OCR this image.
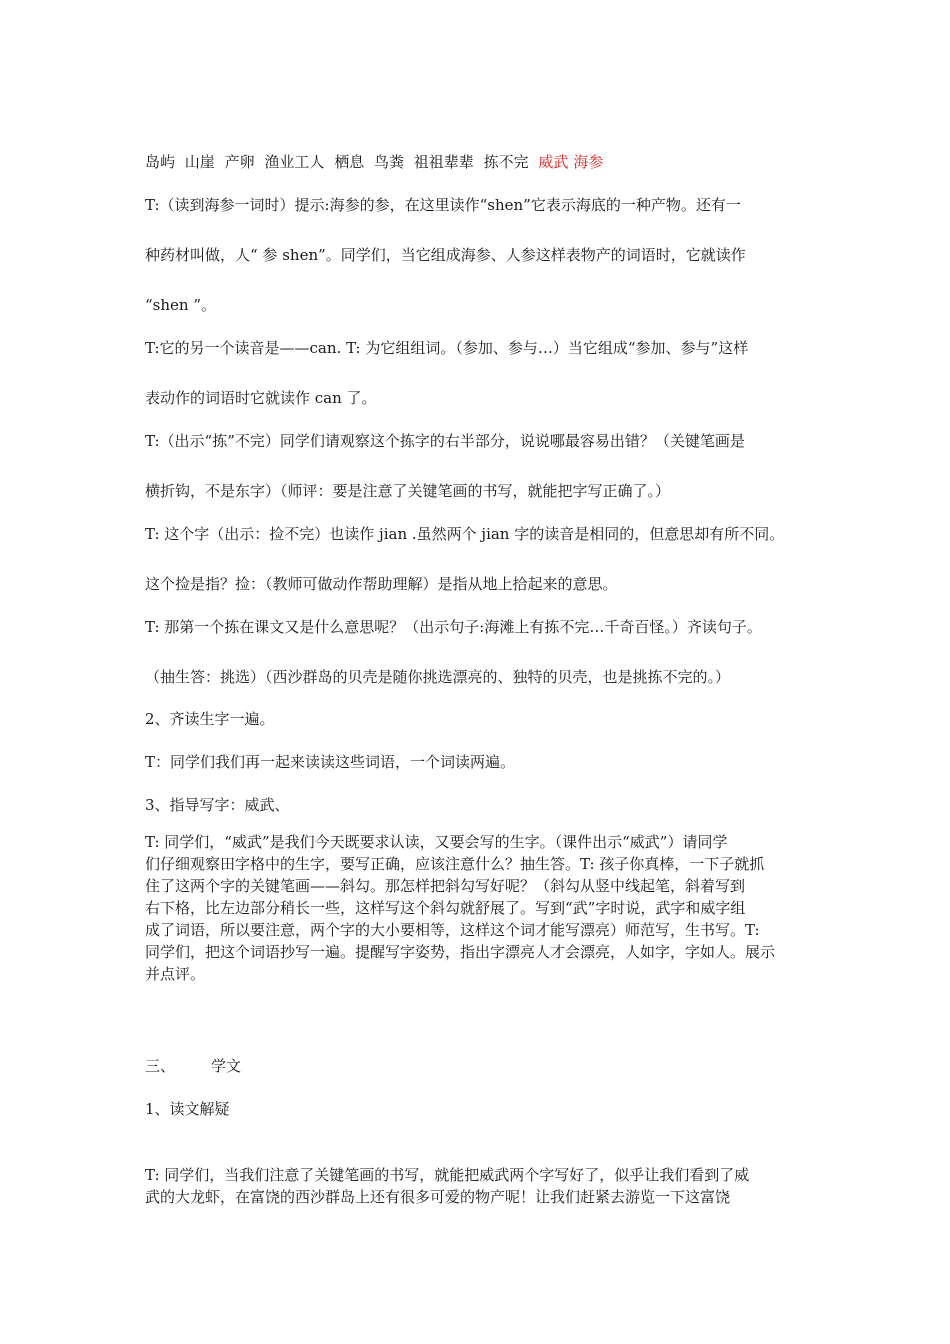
岛屿 山崖 产卵 渔业工人 栖息 鸟粪 祖祖辈辈 拣不完 威武 海参

T:（读到海参一词时）提示:海参的参，在这里读作“shen”它表示海底的一种产物。还有一

种药材叫做，人“ 参 shen”。同学们，当它组成海参、人参这样表物产的词语时，它就读作

“shen ”。

T:它的另一个读音是——can. T: 为它组组词。（参加、参与…）当它组成“参加、参与”这样

表动作的词语时它就读作 can 了。

T:（出示“拣”不完）同学们请观察这个拣字的右半部分，说说哪最容易出错？（关键笔画是

横折钩，不是东字）（师评：要是注意了关键笔画的书写，就能把字写正确了。）

T: 这个字（出示：捡不完）也读作 jian .虽然两个 jian 字的读音是相同的，但意思却有所不同。

这个捡是指？捡：（教师可做动作帮助理解）是指从地上拾起来的意思。

T: 那第一个拣在课文又是什么意思呢？（出示句子:海滩上有拣不完…千奇百怪。）齐读句子。

（抽生答：挑选）（西沙群岛的贝壳是随你挑选漂亮的、独特的贝壳，也是挑拣不完的。）

2、齐读生字一遍。

T：同学们我们再一起来读读这些词语，一个词读两遍。

3、指导写字：威武、

T: 同学们，“威武”是我们今天既要求认读，又要会写的生字。（课件出示“威武”）请同学
们仔细观察田字格中的生字，要写正确，应该注意什么？抽生答。T: 孩子你真棒，一下子就抓
住了这两个字的关键笔画——斜勾。那怎样把斜勾写好呢？（斜勾从竖中线起笔，斜着写到
右下格，比左边部分稍长一些，这样写这个斜勾就舒展了。写到“武”字时说，武字和威字组
成了词语，所以要注意，两个字的大小要相等，这样这个词才能写漂亮）师范写，生书写。T:
同学们，把这个词语抄写一遍。提醒写字姿势，指出字漂亮人才会漂亮，人如字，字如人。展示
并点评。
三、 学文

1、读文解疑

T: 同学们，当我们注意了关键笔画的书写，就能把威武两个字写好了，似乎让我们看到了威
武的大龙虾，在富饶的西沙群岛上还有很多可爱的物产呢！让我们赶紧去游览一下这富饶
